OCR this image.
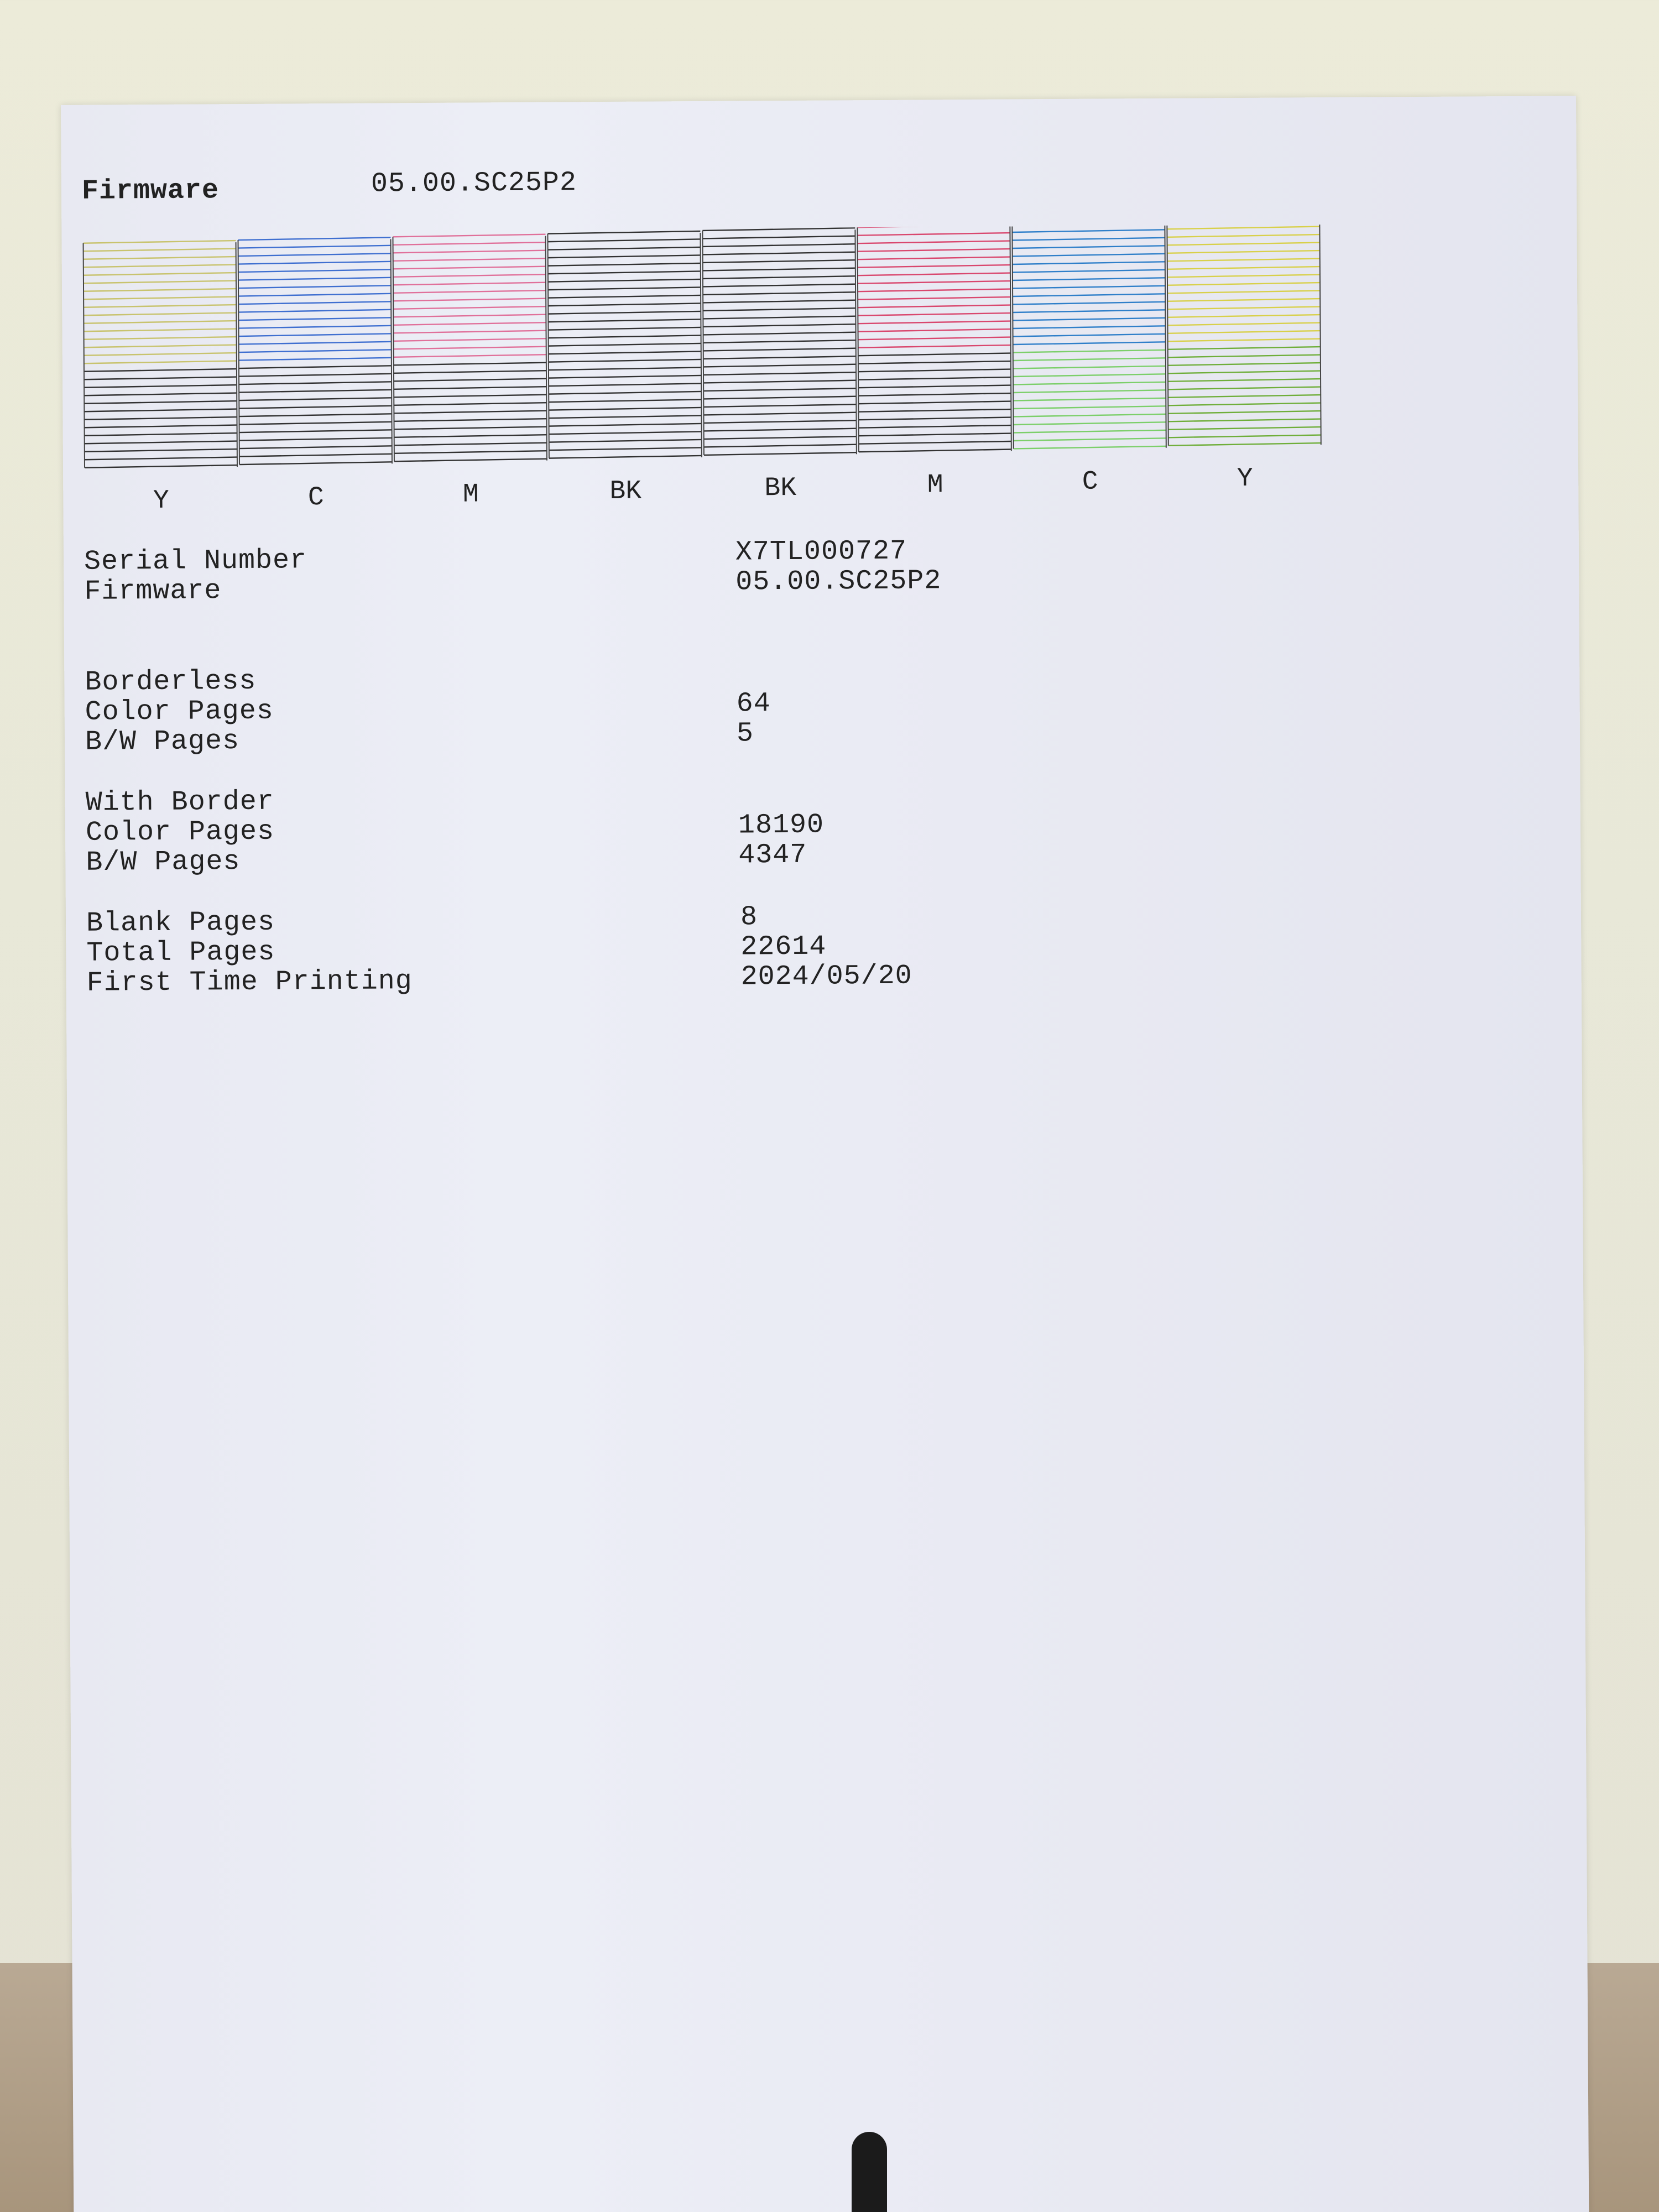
Firmware	05.00.SC25P2
Y	C	M	BK	BK	M	C	Y
Serial Number	X7TL000727
Firmware	05.00.SC25P2
Borderless
Color Pages	64
B/W Pages	5
With Border
Color Pages	18190
B/W Pages	4347
Blank Pages	8
Total Pages	22614
First Time Printing	2024/05/20
